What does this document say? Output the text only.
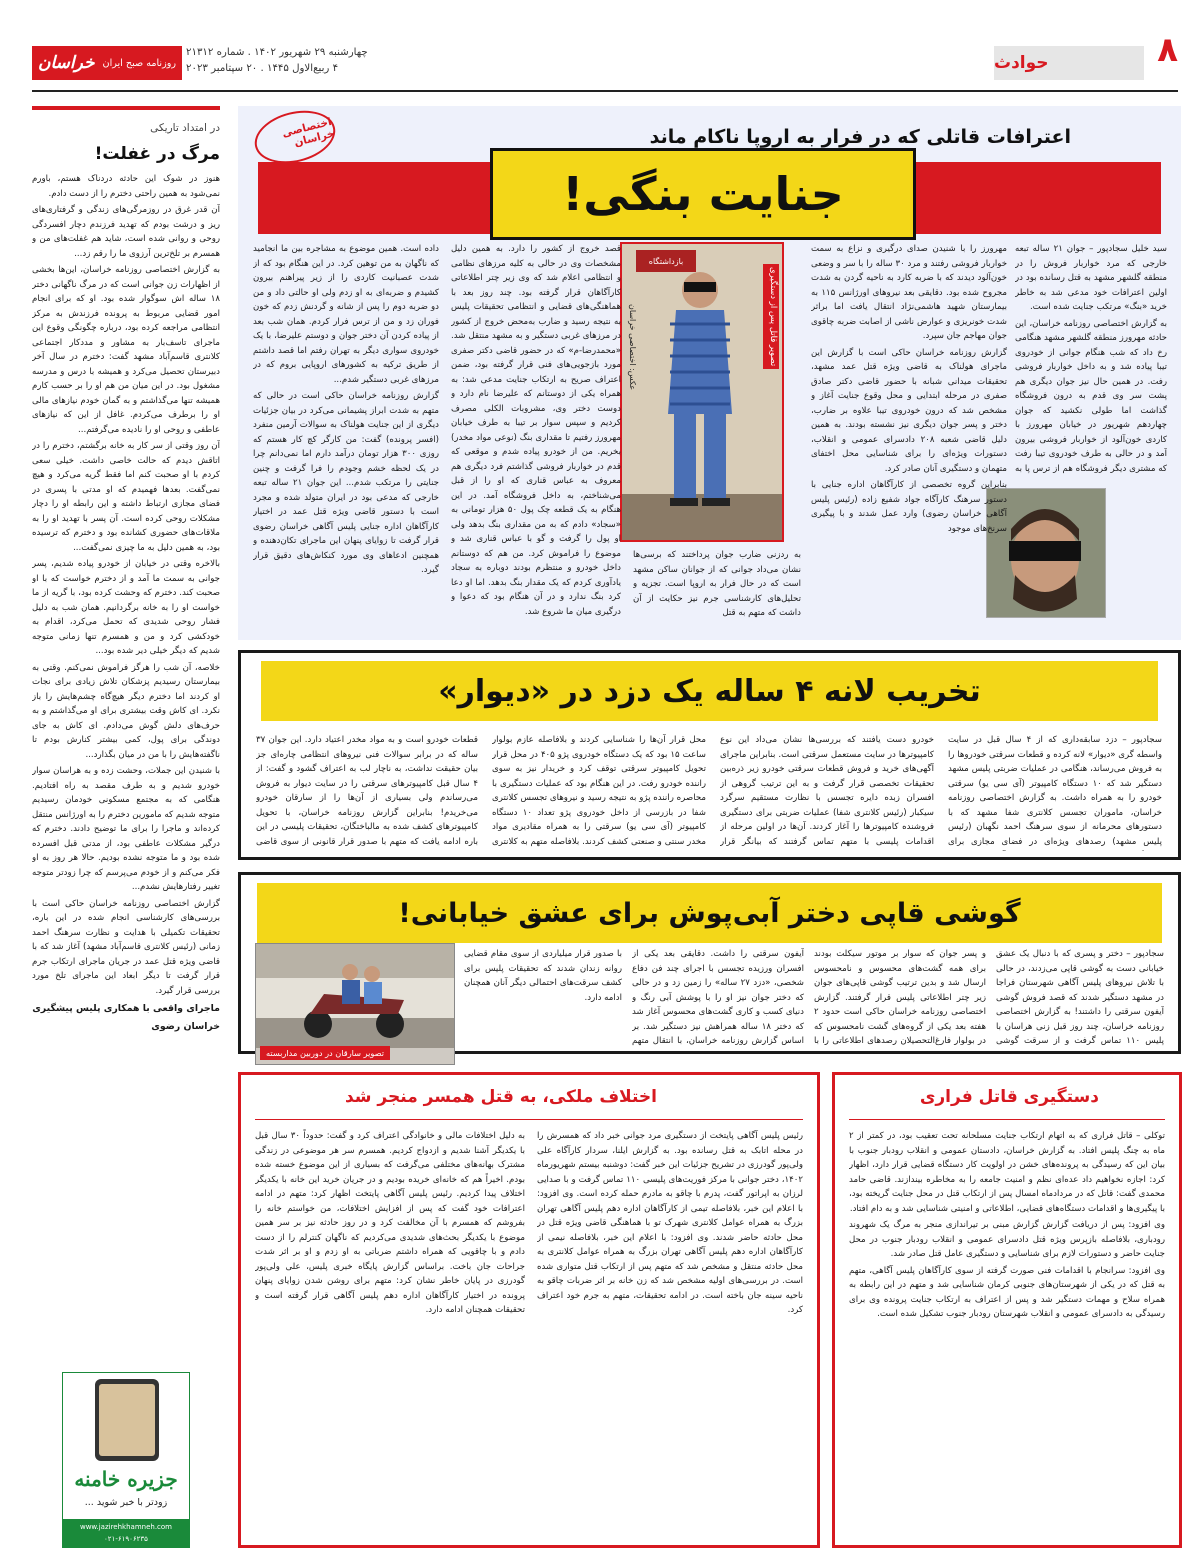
۸
حوادث
چهارشنبه ۲۹ شهریور ۱۴۰۲ . شماره ۲۱۳۱۲
۴ ربیع‌الاول ۱۴۴۵ . ۲۰ سپتامبر ۲۰۲۳
روزنامه صبح ایران
خراسان
اختصاصی خراسان	اعترافات قاتلی که در فرار به اروپا ناکام ماند
جنایت بنگی!

سید خلیل سجادپور – جوان ۲۱ ساله تبعه خارجی که مرد خواربار فروش را در منطقه گلشهر مشهد به قتل رسانده بود در اولین اعترافات خود مدعی شد به خاطر خرید «بنگ» مرتکب جنایت شده است.

به گزارش اختصاصی روزنامه خراسان، این حادثه مهرورز منطقه گلشهر مشهد هنگامی رخ داد که شب هنگام جوانی از خودروی تیبا پیاده شد و به داخل خواربار فروشی رفت. در همین حال نیز جوان دیگری هم پشت سر وی قدم به درون فروشگاه گذاشت اما طولی نکشید که جوان چهاردهم شهریور در خیابان مهرورز با کاردی خون‌آلود از خواربار فروشی بیرون آمد و در حالی به طرف خودروی تیبا رفت که مشتری دیگر فروشگاه هم از ترس پا به

مهرورز را با شنیدن صدای درگیری و نزاع به سمت خواربار فروشی رفتند و مرد ۳۰ ساله را با سر و وضعی خون‌آلود دیدند که با ضربه کارد به ناحیه گردن به شدت مجروح شده بود. دقایقی بعد نیروهای اورژانس ۱۱۵ به بیمارستان شهید هاشمی‌نژاد انتقال یافت اما براثر شدت خونریزی و عوارض ناشی از اصابت ضربه چاقوی جوان مهاجم جان سپرد.

گزارش روزنامه خراسان حاکی است با گزارش این ماجرای هولناک به قاضی ویژه قتل عمد مشهد، تحقیقات میدانی شبانه با حضور قاضی دکتر صادق صفری در مرحله ابتدایی و محل وقوع جنایت آغاز و مشخص شد که درون خودروی تیبا علاوه بر ضارب، دختر و پسر جوان دیگری نیز نشسته بودند. به همین دلیل قاضی شعبه ۲۰۸ دادسرای عمومی و انقلاب، دستورات ویژه‌ای را برای شناسایی محل اختفای متهمان و دستگیری آنان صادر کرد.

بنابراین گروه تخصصی از کارآگاهان اداره جنایی با دستور سرهنگ کارآگاه جواد شفیع زاده (رئیس پلیس آگاهی خراسان رضوی) وارد عمل شدند و با پیگیری سرنخ‌های موجود

به ردزنی ضارب جوان پرداختند که برسی‌ها نشان می‌داد جوانی که از جوانان ساکن مشهد است که در حال فرار به اروپا است. تجزیه و تحلیل‌های کارشناسی جرم نیز حکایت از آن داشت که متهم به قتل

بازداشتگاه
تصویر قاتل پس از دستگیری
عکس: اختصاصی خراسان

قصد خروج از کشور را دارد. به همین دلیل مشخصات وی در حالی به کلیه مرزهای نظامی و انتظامی اعلام شد که وی زیر چتر اطلاعاتی کارآگاهان قرار گرفته بود. چند روز بعد با هماهنگی‌های قضایی و انتظامی تحقیقات پلیس به نتیجه رسید و ضارب به‌محض خروج از کشور در مرزهای غربی دستگیر و به مشهد منتقل شد. «محمدرضا-م» که در حضور قاضی دکتر صفری مورد بازجویی‌های فنی قرار گرفته بود، ضمن اعتراف صریح به ارتکاب جنایت مدعی شد: به همراه یکی از دوستانم که علیرضا نام دارد و دوست دختر وی، مشروبات الکلی مصرف کردیم و سپس سوار بر تیبا به طرف خیابان مهرورز رفتیم تا مقداری بنگ (نوعی مواد مخدر) بخریم. من از خودرو پیاده شدم و موقعی که قدم در خواربار فروشی گذاشتم فرد دیگری هم معروف به عباس قناری که او را از قبل می‌شناختم، به داخل فروشگاه آمد. در این هنگام به یک قطعه چک پول ۵۰ هزار تومانی به «سجاد» دادم که به من مقداری بنگ بدهد ولی او پول را گرفت و گو با عباس قناری شد و موضوع را فراموش کرد. من هم که دوستانم داخل خودرو و منتظرم بودند دوباره به سجاد یادآوری کردم که یک مقدار بنگ بدهد. اما او دعا کرد بنگ ندارد و در آن هنگام بود که دعوا و درگیری میان ما شروع شد.

داده است. همین موضوع به مشاجره بین ما انجامید که ناگهان به من توهین کرد. در این هنگام بود که از شدت عصبانیت کاردی را از زیر پیراهنم بیرون کشیدم و ضربه‌ای به او زدم ولی او حالتی داد و من دو ضربه دوم را پس از شانه و گردنش زدم که خون فوران زد و من از ترس فرار کردم. همان شب بعد از پیاده کردن آن دختر جوان و دوستم علیرضا، با یک خودروی سواری دیگر به تهران رفتم اما قصد داشتم از طریق ترکیه به کشورهای اروپایی بروم که در مرزهای غربی دستگیر شدم...

گزارش روزنامه خراسان حاکی است در حالی که متهم به شدت ابراز پشیمانی می‌کرد در بیان جزئیات دیگری از این جنایت هولناک به سوالات آرمین منفرد (افسر پرونده) گفت: من کارگر کچ کار هستم که روزی ۳۰۰ هزار تومان درآمد دارم اما نمی‌دانم چرا در یک لحظه خشم وجودم را فرا گرفت و چنین جنایتی را مرتکب شدم... این جوان ۲۱ ساله تبعه خارجی که مدعی بود در ایران متولد شده و مجرد است با دستور قاضی ویژه قتل عمد در اختیار کارآگاهان اداره جنایی پلیس آگاهی خراسان رضوی قرار گرفت تا زوایای پنهان این ماجرای تکان‌دهنده و همچنین ادعاهای وی مورد کنکاش‌های دقیق قرار گیرد.

تخریب لانه ۴ ساله یک دزد در «دیوار»

سجادپور – دزد سابقه‌داری که از ۴ سال قبل در سایت واسطه گری «دیوار» لانه کرده و قطعات سرقتی خودروها را به فروش می‌رساند، هنگامی در عملیات ضربتی پلیس مشهد دستگیر شد که ۱۰ دستگاه کامپیوتر (آی سی یو) سرقتی خودرو را به همراه داشت. به گزارش اختصاصی روزنامه خراسان، ماموران تجسس کلانتری شفا مشهد که با دستورهای محرمانه از سوی سرهنگ احمد نگهبان (رئیس پلیس مشهد) رصدهای ویژه‌ای در فضای مجازی برای

خودرو دست یافتند که بررسی‌ها نشان می‌داد این نوع کامپیوترها در سایت مستعمل سرقتی است. بنابراین ماجرای آگهی‌های خرید و فروش قطعات سرقتی خودرو زیر ذره‌بین تحقیقات تخصصی قرار گرفت و به این ترتیب گروهی از افسران زبده دایره تجسس با نظارت مستقیم سرگرد سیکبار (رئیس کلانتری شفا) عملیات ضربتی برای دستگیری فروشنده کامپیوترها را آغاز کردند. آن‌ها در اولین مرحله از اقدامات پلیسی با متهم تماس گرفتند که بیانگر قرار

محل قرار آن‌ها را شناسایی کردند و بلافاصله عازم بولوار ساعت ۱۵ بود که یک دستگاه خودروی پژو ۴۰۵ در محل قرار تحویل کامپیوتر سرقتی توقف کرد و خریدار نیز به سوی راننده خودرو رفت. در این هنگام بود که عملیات دستگیری با محاصره راننده پژو به نتیجه رسید و نیروهای تجسس کلانتری شفا در بازرسی از داخل خودروی پژو تعداد ۱۰ دستگاه کامپیوتر (آی سی یو) سرقتی را به همراه مقادیری مواد مخدر سنتی و صنعتی کشف کردند. بلافاصله متهم به کلانتری

قطعات خودرو است و به مواد مخدر اعتیاد دارد. این جوان ۳۷ ساله که در برابر سوالات فنی نیروهای انتظامی چاره‌ای جز بیان حقیقت نداشت، به ناچار لب به اعتراف گشود و گفت: از ۴ سال قبل کامپیوترهای سرقتی را در سایت دیوار به فروش می‌رساندم ولی بسیاری از آن‌ها را از سارقان خودرو می‌خریدم! بنابراین گزارش روزنامه خراسان، با تحویل کامپیوترهای کشف شده به مالباختگان، تحقیقات پلیسی در این باره ادامه یافت که متهم با صدور قرار قانونی از سوی قاضی

گوشی قاپی دختر آبی‌پوش برای عشق خیابانی!

سجادپور – دختر و پسری که با دنبال یک عشق خیابانی دست به گوشی قاپی می‌زدند، در حالی با تلاش نیروهای پلیس آگاهی شهرستان فراجا در مشهد دستگیر شدند که قصد فروش گوشی آیفون سرقتی را داشتند! به گزارش اختصاصی روزنامه خراسان، چند روز قبل زنی هراسان با پلیس ۱۱۰ تماس گرفت و از سرقت گوشی

و پسر جوان که سوار بر موتور سیکلت بودند برای همه گشت‌های محسوس و نامحسوس ارسال شد و بدین ترتیب گوشی قاپی‌های جوان زیر چتر اطلاعاتی پلیس قرار گرفتند. گزارش اختصاصی روزنامه خراسان حاکی است حدود ۲ هفته بعد یکی از گروه‌های گشت نامحسوس که در بولوار فارغ‌التحصیلان رصدهای اطلاعاتی را با

آیفون سرقتی را داشت. دقایقی بعد یکی از افسران ورزیده تجسس با اجرای چند فن دفاع شخصی، «دزد ۲۷ ساله» را زمین زد و در حالی که دختر جوان نیز او را با پوشش آبی رنگ و دنیای کسب و کاری گشت‌های محسوس آغاز شد که دختر ۱۸ ساله همراهش نیز دستگیر شد. بر اساس گزارش روزنامه خراسان، با انتقال متهم

با صدور قرار میلیاردی از سوی مقام قضایی روانه زندان شدند که تحقیقات پلیس برای کشف سرقت‌های احتمالی دیگر آنان همچنان ادامه دارد.

تصویر سارقان در دوربین مداربسته
دستگیری قاتل فراری

توکلی – قاتل فراری که به اتهام ارتکاب جنایت مسلحانه تحت تعقیب بود، در کمتر از ۲ ماه به چنگ پلیس افتاد. به گزارش خراسان، دادستان عمومی و انقلاب رودبار جنوب با بیان این که رسیدگی به پرونده‌های خشن در اولویت کار دستگاه قضایی قرار دارد، اظهار کرد: اجازه نخواهیم داد عده‌ای نظم و امنیت جامعه را به مخاطره بیندازند. قاضی حامد محمدی گفت: قاتل که در مردادماه امسال پس از ارتکاب قتل در محل جنایت گریخته بود، با پیگیری‌ها و اقدامات دستگاه‌های قضایی، اطلاعاتی و امنیتی شناسایی شد و به دام افتاد.

وی افزود: پس از دریافت گزارش گزارش مبنی بر تیراندازی منجر به مرگ یک شهروند رودباری، بلافاصله بازپرس ویژه قتل دادسرای عمومی و انقلاب رودبار جنوب در محل جنایت حاضر و دستورات لازم برای شناسایی و دستگیری عامل قتل صادر شد.

وی افزود: سرانجام با اقدامات فنی صورت گرفته از سوی کارآگاهان پلیس آگاهی، متهم به قتل که در یکی از شهرستان‌های جنوبی کرمان شناسایی شد و متهم در این رابطه به همراه سلاح و مهمات دستگیر شد و پس از اعتراف به ارتکاب جنایت پرونده وی برای رسیدگی به دادسرای عمومی و انقلاب شهرستان رودبار جنوب تشکیل شده است.

اختلاف ملکی، به قتل همسر منجر شد

رئیس پلیس آگاهی پایتخت از دستگیری مرد جوانی خبر داد که همسرش را در محله اتابک به قتل رسانده بود. به گزارش ایلنا، سردار کارآگاه علی ولی‌پور گودرزی در تشریح جزئیات این خبر گفت: دوشنبه بیستم شهریورماه ۱۴۰۲، دختر جوانی با مرکز فوریت‌های پلیسی ۱۱۰ تماس گرفت و با صدایی لرزان به اپراتور گفت، پدرم با چاقو به مادرم حمله کرده است. وی افزود: با اعلام این خبر، بلافاصله تیمی از کارآگاهان اداره دهم پلیس آگاهی تهران بزرگ به همراه عوامل کلانتری شهرک تو با هماهنگی قاضی ویژه قتل در محل حادثه حاضر شدند. وی افزود: با اعلام این خبر، بلافاصله نیمی از کارآگاهان اداره دهم پلیس آگاهی تهران بزرگ به همراه عوامل کلانتری به محل حادثه منتقل و مشخص شد که متهم پس از ارتکاب قتل متواری شده است. در بررسی‌های اولیه مشخص شد که زن خانه بر اثر ضربات چاقو به ناحیه سینه جان باخته است. در ادامه تحقیقات، متهم به جرم خود اعتراف کرد.

به دلیل اختلافات مالی و خانوادگی اعتراف کرد و گفت: حدوداً ۳۰ سال قبل با یکدیگر آشنا شدیم و ازدواج کردیم. همسرم سر هر موضوعی در زندگی مشترک بهانه‌های مختلفی می‌گرفت که بسیاری از این موضوع خسته شده بودم. اخیراً هم که خانه‌ای خریده بودیم و در جریان خرید این خانه با یکدیگر اختلاف پیدا کردیم. رئیس پلیس آگاهی پایتخت اظهار کرد: متهم در ادامه اعترافات خود گفت که پس از افزایش اختلافات، من خواستم خانه را بفروشم که همسرم با آن مخالفت کرد و در روز حادثه نیز بر سر همین موضوع با یکدیگر بحث‌های شدیدی می‌کردیم که ناگهان کنترلم را از دست دادم و با چاقویی که همراه داشتم ضرباتی به او زدم و او بر اثر شدت جراحات جان باخت. براساس گزارش پایگاه خبری پلیس، علی ولی‌پور گودرزی در پایان خاطر نشان کرد: متهم برای روشن شدن زوایای پنهان پرونده در اختیار کارآگاهان اداره دهم پلیس آگاهی قرار گرفته است و تحقیقات همچنان ادامه دارد.

در امتداد تاریکی
مرگ در غفلت!

هنوز در شوک این حادثه دردناک هستم، باورم نمی‌شود به همین راحتی دخترم را از دست دادم.

آن قدر غرق در روزمرگی‌های زندگی و گرفتاری‌های ریز و درشت بودم که تهدید فرزندم دچار افسردگی روحی و روانی شده است، شاید هم غفلت‌های من و همسرم بر تلخ‌ترین آرزوی ما را رقم زد...

به گزارش اختصاصی روزنامه خراسان، این‌ها بخشی از اظهارات زن جوانی است که در مرگ ناگهانی دختر ۱۸ ساله اش سوگوار شده بود. او که برای انجام امور قضایی مربوط به پرونده فرزندش به مرکز انتظامی مراجعه کرده بود، درباره چگونگی وقوع این ماجرای تاسف‌بار به مشاور و مددکار اجتماعی کلانتری قاسم‌آباد مشهد گفت: دخترم در سال آخر دبیرستان تحصیل می‌کرد و همیشه با درس و مدرسه مشغول بود. در این میان من هم او را بر حسب کارم همیشه تنها می‌گذاشتم و به گمان خودم نیازهای مالی او را برطرف می‌کردم. غافل از این که نیازهای عاطفی و روحی او را نادیده می‌گرفتم...

آن روز وقتی از سر کار به خانه برگشتم، دخترم را در اتاقش دیدم که حالت خاصی داشت. خیلی سعی کردم با او صحبت کنم اما فقط گریه می‌کرد و هیچ نمی‌گفت. بعدها فهمیدم که او مدتی با پسری در فضای مجازی ارتباط داشته و این رابطه او را دچار مشکلات روحی کرده است. آن پسر با تهدید او را به ملاقات‌های حضوری کشانده بود و دخترم که ترسیده بود، به همین دلیل به ما چیزی نمی‌گفت...

بالاخره وقتی در خیابان از خودرو پیاده شدیم، پسر جوانی به سمت ما آمد و از دخترم خواست که با او صحبت کند. دخترم که وحشت کرده بود، با گریه از ما خواست او را به خانه برگردانیم. همان شب به دلیل فشار روحی شدیدی که تحمل می‌کرد، اقدام به خودکشی کرد و من و همسرم تنها زمانی متوجه شدیم که دیگر خیلی دیر شده بود...

خلاصه، آن شب را هرگز فراموش نمی‌کنم. وقتی به بیمارستان رسیدیم پزشکان تلاش زیادی برای نجات او کردند اما دخترم دیگر هیچ‌گاه چشم‌هایش را باز نکرد. ای کاش وقت بیشتری برای او می‌گذاشتم و به حرف‌های دلش گوش می‌دادم. ای کاش به جای دوندگی برای پول، کمی بیشتر کنارش بودم تا ناگفته‌هایش را با من در میان بگذارد...

با شنیدن این جملات، وحشت زده و به هراسان سوار خودرو شدیم و به طرف مقصد به راه افتادیم. هنگامی که به مجتمع مسکونی خودمان رسیدیم متوجه شدیم که مامورین دخترم را به اورژانس منتقل کرده‌اند و ماجرا را برای ما توضیح دادند. دخترم که درگیر مشکلات عاطفی بود، از مدتی قبل افسرده شده بود و ما متوجه نشده بودیم. حالا هر روز به او فکر می‌کنم و از خودم می‌پرسم که چرا زودتر متوجه تغییر رفتارهایش نشدم...

گزارش اختصاصی روزنامه خراسان حاکی است با بررسی‌های کارشناسی انجام شده در این باره، تحقیقات تکمیلی با هدایت و نظارت سرهنگ احمد زمانی (رئیس کلانتری قاسم‌آباد مشهد) آغاز شد که با قاضی ویژه قتل عمد در جریان ماجرای ارتکاب جرم قرار گرفت تا دیگر ابعاد این ماجرای تلخ مورد بررسی قرار گیرد.

ماجرای واقعی با همکاری پلیس پیشگیری

خراسان رضوی

جزیره خامنه
زودتر با خبر شوید ...
www.jazirehkhamneh.com
۰۲۱-۶۱۹۰۶۲۳۵
